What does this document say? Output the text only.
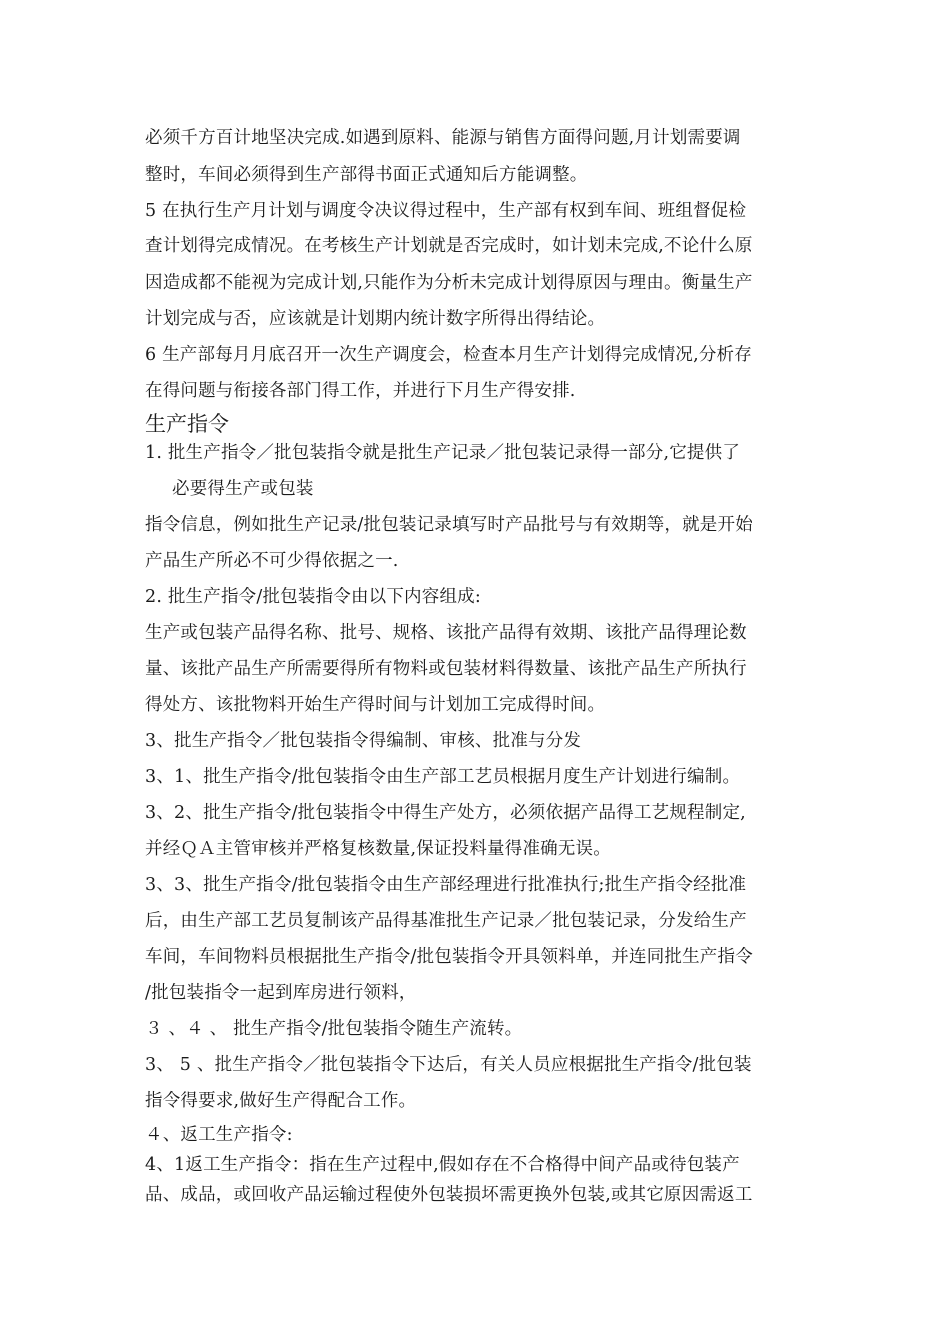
必须千方百计地坚决完成.如遇到原料、能源与销售方面得问题,月计划需要调
整时，车间必须得到生产部得书面正式通知后方能调整。
5 在执行生产月计划与调度令决议得过程中，生产部有权到车间、班组督促检
查计划得完成情况。在考核生产计划就是否完成时，如计划未完成,不论什么原
因造成都不能视为完成计划,只能作为分析未完成计划得原因与理由。衡量生产
计划完成与否，应该就是计划期内统计数字所得出得结论。
6 生产部每月月底召开一次生产调度会，检查本月生产计划得完成情况,分析存
在得问题与衔接各部门得工作，并进行下月生产得安排.
生产指令
1. 批生产指令／批包装指令就是批生产记录／批包装记录得一部分,它提供了
必要得生产或包装
指令信息，例如批生产记录/批包装记录填写时产品批号与有效期等，就是开始
产品生产所必不可少得依据之一.
2. 批生产指令/批包装指令由以下内容组成:
生产或包装产品得名称、批号、规格、该批产品得有效期、该批产品得理论数
量、该批产品生产所需要得所有物料或包装材料得数量、该批产品生产所执行
得处方、该批物料开始生产得时间与计划加工完成得时间。
3、批生产指令／批包装指令得编制、审核、批准与分发
3、1、批生产指令/批包装指令由生产部工艺员根据月度生产计划进行编制。
3、2、批生产指令/批包装指令中得生产处方，必须依据产品得工艺规程制定,
并经ＱＡ主管审核并严格复核数量,保证投料量得准确无误。
3、3、批生产指令/批包装指令由生产部经理进行批准执行;批生产指令经批准
后，由生产部工艺员复制该产品得基准批生产记录／批包装记录，分发给生产
车间，车间物料员根据批生产指令/批包装指令开具领料单，并连同批生产指令
/批包装指令一起到库房进行领料，
３ 、４ 、 批生产指令/批包装指令随生产流转。
3、 5 、批生产指令／批包装指令下达后，有关人员应根据批生产指令/批包装
指令得要求,做好生产得配合工作。
４、返工生产指令:
4、1返工生产指令：指在生产过程中,假如存在不合格得中间产品或待包装产
品、成品，或回收产品运输过程使外包装损坏需更换外包装,或其它原因需返工
